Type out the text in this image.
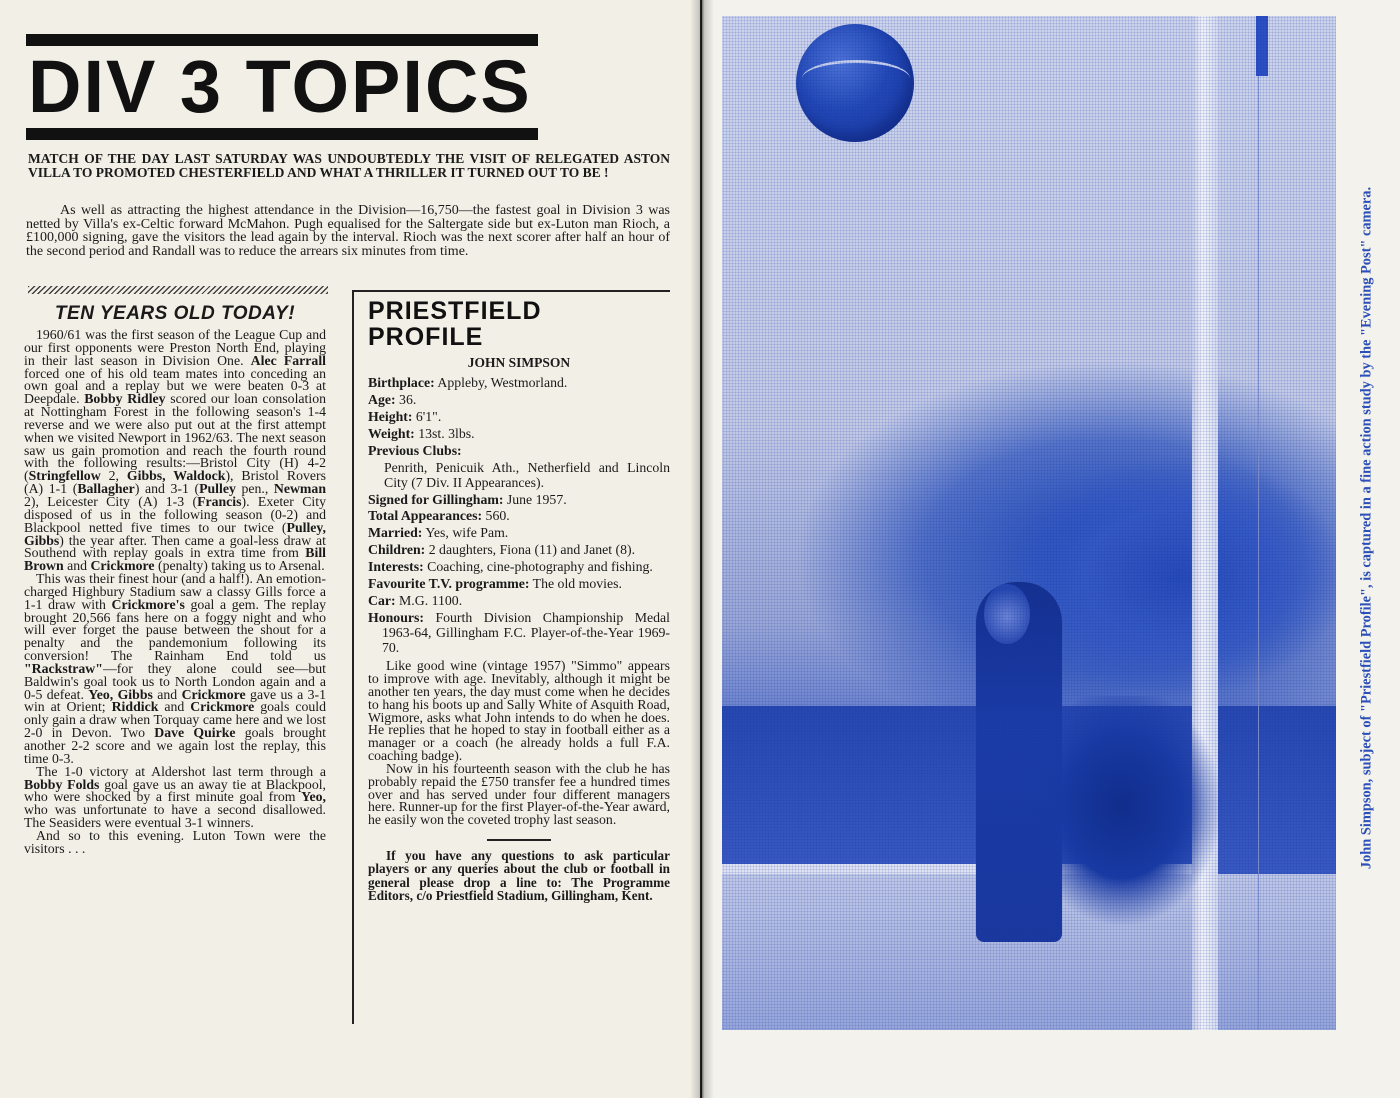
DIV 3 TOPICS
MATCH OF THE DAY LAST SATURDAY WAS UNDOUBTEDLY THE VISIT OF RELEGATED ASTON VILLA TO PROMOTED CHESTERFIELD AND WHAT A THRILLER IT TURNED OUT TO BE !
As well as attracting the highest attendance in the Division—16,750—the fastest goal in Division 3 was netted by Villa's ex-Celtic forward McMahon. Pugh equalised for the Saltergate side but ex-Luton man Rioch, a £100,000 signing, gave the visitors the lead again by the interval. Rioch was the next scorer after half an hour of the second period and Randall was to reduce the arrears six minutes from time.
TEN YEARS OLD TODAY!

1960/61 was the first season of the League Cup and our first opponents were Preston North End, playing in their last season in Division One. Alec Farrall forced one of his old team mates into conceding an own goal and a replay but we were beaten 0-3 at Deepdale. Bobby Ridley scored our loan consolation at Nottingham Forest in the following season's 1-4 reverse and we were also put out at the first attempt when we visited Newport in 1962/63. The next season saw us gain promotion and reach the fourth round with the following results:—Bristol City (H) 4-2 (Stringfellow 2, Gibbs, Waldock), Bristol Rovers (A) 1-1 (Ballagher) and 3-1 (Pulley pen., Newman 2), Leicester City (A) 1-3 (Francis). Exeter City disposed of us in the following season (0-2) and Blackpool netted five times to our twice (Pulley, Gibbs) the year after. Then came a goal-less draw at Southend with replay goals in extra time from Bill Brown and Crickmore (penalty) taking us to Arsenal.

This was their finest hour (and a half!). An emotion-charged Highbury Stadium saw a classy Gills force a 1-1 draw with Crickmore's goal a gem. The replay brought 20,566 fans here on a foggy night and who will ever forget the pause between the shout for a penalty and the pandemonium following its conversion! The Rainham End told us "Rackstraw"—for they alone could see—but Baldwin's goal took us to North London again and a 0-5 defeat. Yeo, Gibbs and Crickmore gave us a 3-1 win at Orient; Riddick and Crickmore goals could only gain a draw when Torquay came here and we lost 2-0 in Devon. Two Dave Quirke goals brought another 2-2 score and we again lost the replay, this time 0-3.

The 1-0 victory at Aldershot last term through a Bobby Folds goal gave us an away tie at Blackpool, who were shocked by a first minute goal from Yeo, who was unfortunate to have a second disallowed. The Seasiders were eventual 3-1 winners.

And so to this evening. Luton Town were the visitors . . .

PRIESTFIELD
PROFILE
JOHN SIMPSON
Birthplace: Appleby, Westmorland.
Age: 36.
Height: 6'1".
Weight: 13st. 3lbs.
Previous Clubs:
Penrith, Penicuik Ath., Netherfield and Lincoln City (7 Div. II Appearances).
Signed for Gillingham: June 1957.
Total Appearances: 560.
Married: Yes, wife Pam.
Children: 2 daughters, Fiona (11) and Janet (8).
Interests: Coaching, cine-photography and fishing.
Favourite T.V. programme: The old movies.
Car: M.G. 1100.
Honours: Fourth Division Championship Medal 1963-64, Gillingham F.C. Player-of-the-Year 1969-70.

Like good wine (vintage 1957) "Simmo" appears to improve with age. Inevitably, although it might be another ten years, the day must come when he decides to hang his boots up and Sally White of Asquith Road, Wigmore, asks what John intends to do when he does. He replies that he hoped to stay in football either as a manager or a coach (he already holds a full F.A. coaching badge).

Now in his fourteenth season with the club he has probably repaid the £750 transfer fee a hundred times over and has served under four different managers here. Runner-up for the first Player-of-the-Year award, he easily won the coveted trophy last season.

If you have any questions to ask particular players or any queries about the club or football in general please drop a line to: The Programme Editors, c/o Priestfield Stadium, Gillingham, Kent.

John Simpson, subject of "Priestfield Profile", is captured in a fine action study by the "Evening Post" camera.
